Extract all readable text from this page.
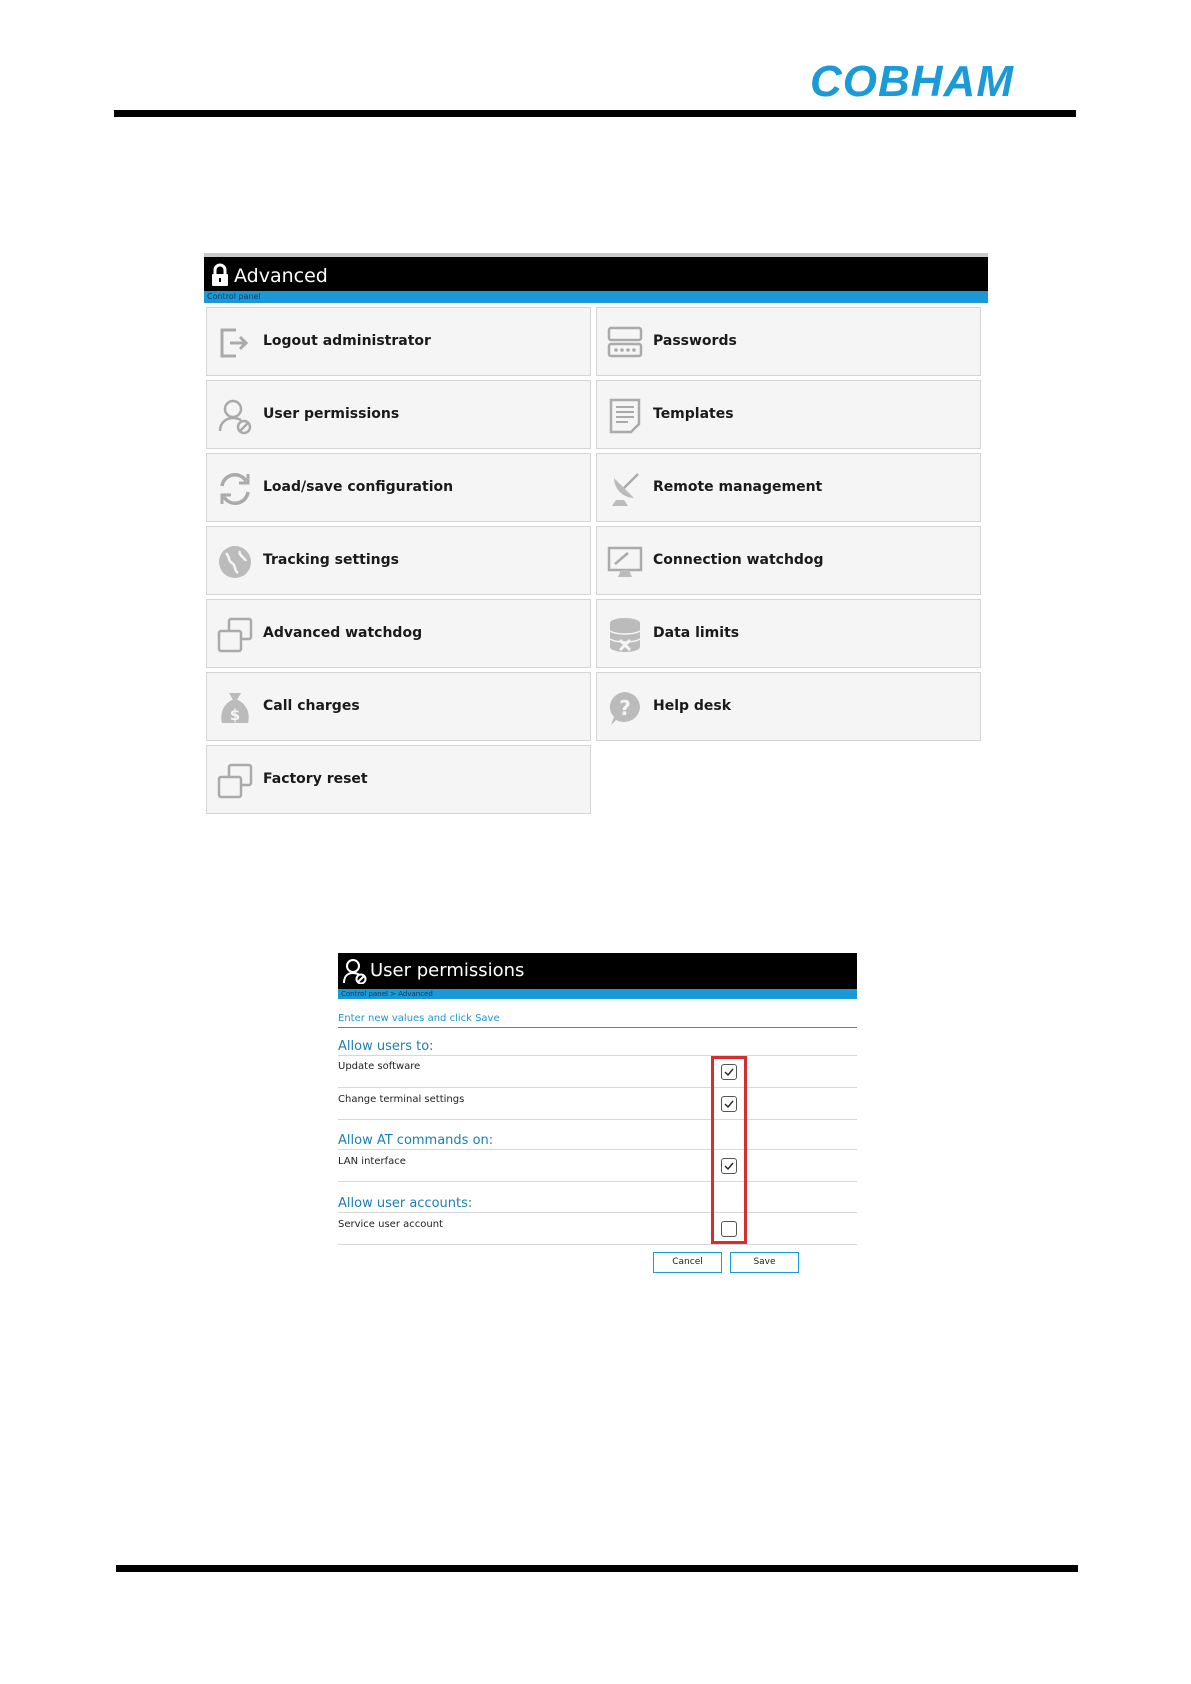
COBHAM
Advanced
Control panel
Logout administrator	Passwords
User permissions	Templates
Load/save configuration	Remote management
Tracking settings	Connection watchdog
Advanced watchdog	Data limits
$ Call charges	? Help desk
Factory reset
User permissions
Control panel > Advanced
Enter new values and click Save
Allow users to:
Update software
Change terminal settings
Allow AT commands on:
LAN interface
Allow user accounts:
Service user account
Cancel	Save
